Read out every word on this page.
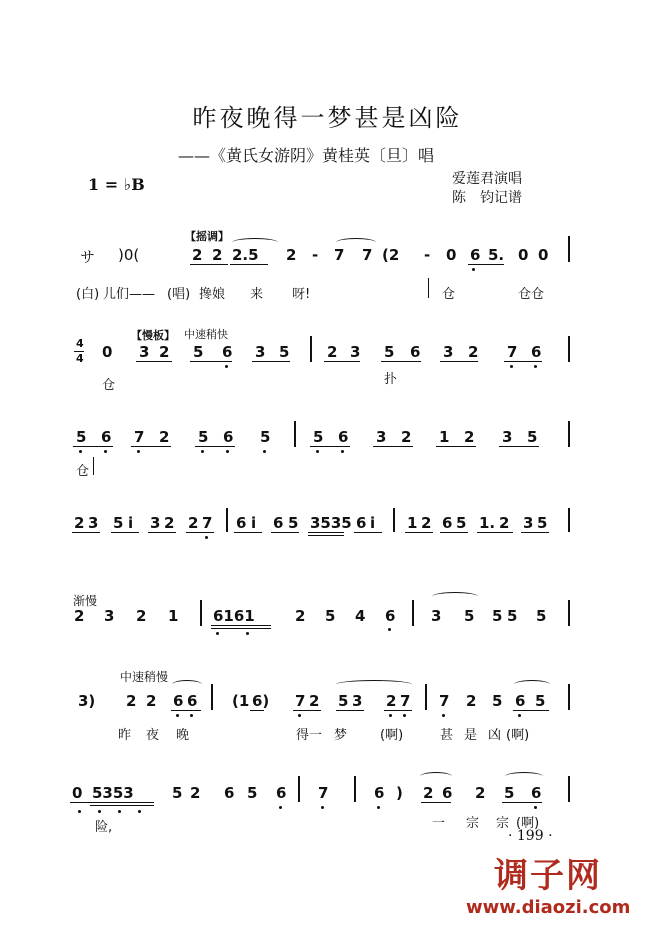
昨夜晚得一梦甚是凶险
——《黄氏女游阴》黄桂英〔旦〕唱
爱莲君演唱
陈　钧记谱
1 = ♭B
【摇调】
サ )0(	2 2 2.5 2 - 7 7 (2 - 0 6 5. 0 0
(白) 儿们—— (唱) 搀娘 来 呀!	仓	仓仓
【慢板】 中速稍快
4
4 0 3 2 5 6 3 5	2 3 5 6 3 2 7 6
仓	扑
5 6 7 2 5 6 5	5 6 3 2 1 2 3 5
仓
2 3 5 i 3 2 2 7 6 i 6 5 3535 6 i 1 2 6 5 1. 2 3 5
渐慢
2 3 2 1 6161	2 5 4 6 3 5 5 5 5
中速稍慢
3) 2 2 6 6 (1 6) 7 2 5 3 2 7 7 2 5 6 5
昨 夜 晚	得一 梦	(啊)	甚 是 凶 (啊)
0 5353	5 2 6 5 6 7	6 ) 2 6 2 5 6
险,	一 宗 宗 (啊)
· 199 ·
调子网
www.diaozi.com
